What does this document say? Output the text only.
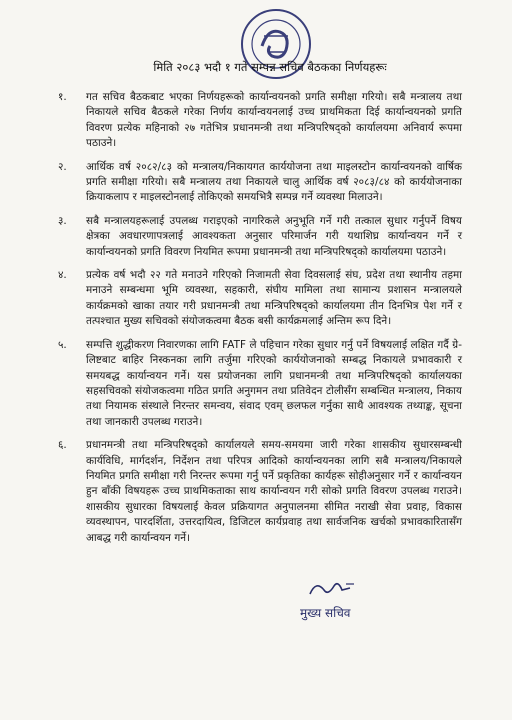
मिति २०८३ भदौ १ गते सम्पन्न सचिव बैठकका निर्णयहरूः
१.	गत सचिव बैठकबाट भएका निर्णयहरूको कार्यान्वयनको प्रगति समीक्षा गरियो। सबै मन्त्रालय तथा निकायले सचिव बैठकले गरेका निर्णय कार्यान्वयनलाई उच्च प्राथमिकता दिई कार्यान्वयनको प्रगति विवरण प्रत्येक महिनाको २७ गतेभित्र प्रधानमन्त्री तथा मन्त्रिपरिषद्को कार्यालयमा अनिवार्य रूपमा पठाउने।
२.	आर्थिक वर्ष २०८२/८३ को मन्त्रालय/निकायगत कार्ययोजना तथा माइलस्टोन कार्यान्वयनको वार्षिक प्रगति समीक्षा गरियो। सबै मन्त्रालय तथा निकायले चालु आर्थिक वर्ष २०८३/८४ को कार्ययोजनाका क्रियाकलाप र माइलस्टोनलाई तोकिएको समयभित्रै सम्पन्न गर्ने व्यवस्था मिलाउने।
३.	सबै मन्त्रालयहरूलाई उपलब्ध गराइएको नागरिकले अनुभूति गर्ने गरी तत्काल सुधार गर्नुपर्ने विषय क्षेत्रका अवधारणापत्रलाई आवश्यकता अनुसार परिमार्जन गरी यथाशिघ्र कार्यान्वयन गर्ने र कार्यान्वयनको प्रगति विवरण नियमित रूपमा प्रधानमन्त्री तथा मन्त्रिपरिषद्को कार्यालयमा पठाउने।
४.	प्रत्येक वर्ष भदौ २२ गते मनाउने गरिएको निजामती सेवा दिवसलाई संघ, प्रदेश तथा स्थानीय तहमा मनाउने सम्बन्धमा भूमि व्यवस्था, सहकारी, संघीय मामिला तथा सामान्य प्रशासन मन्त्रालयले कार्यक्रमको खाका तयार गरी प्रधानमन्त्री तथा मन्त्रिपरिषद्को कार्यालयमा तीन दिनभित्र पेश गर्ने र तत्पश्चात मुख्य सचिवको संयोजकत्वमा बैठक बसी कार्यक्रमलाई अन्तिम रूप दिने।
५.	सम्पत्ति शुद्धीकरण निवारणका लागि FATF ले पहिचान गरेका सुधार गर्नु पर्ने विषयलाई लक्षित गर्दै ग्रे-लिष्टबाट बाहिर निस्कनका लागि तर्जुमा गरिएको कार्ययोजनाको सम्बद्ध निकायले प्रभावकारी र समयबद्ध कार्यान्वयन गर्ने। यस प्रयोजनका लागि प्रधानमन्त्री तथा मन्त्रिपरिषद्को कार्यालयका सहसचिवको संयोजकत्वमा गठित प्रगति अनुगमन तथा प्रतिवेदन टोलीसँग सम्बन्धित मन्त्रालय, निकाय तथा नियामक संस्थाले निरन्तर समन्वय, संवाद एवम् छलफल गर्नुका साथै आवश्यक तथ्याङ्क, सूचना तथा जानकारी उपलब्ध गराउने।
६.	प्रधानमन्त्री तथा मन्त्रिपरिषद्को कार्यालयले समय-समयमा जारी गरेका शासकीय सुधारसम्बन्धी कार्यविधि, मार्गदर्शन, निर्देशन तथा परिपत्र आदिको कार्यान्वयनका लागि सबै मन्त्रालय/निकायले नियमित प्रगति समीक्षा गरी निरन्तर रूपमा गर्नु पर्ने प्रकृतिका कार्यहरू सोहीअनुसार गर्ने र कार्यान्वयन हुन बाँकी विषयहरू उच्च प्राथमिकताका साथ कार्यान्वयन गरी सोको प्रगति विवरण उपलब्ध गराउने। शासकीय सुधारका विषयलाई केवल प्रक्रियागत अनुपालनमा सीमित नराखी सेवा प्रवाह, विकास व्यवस्थापन, पारदर्शिता, उत्तरदायित्व, डिजिटल कार्यप्रवाह तथा सार्वजनिक खर्चको प्रभावकारितासँग आबद्ध गरी कार्यान्वयन गर्ने।
मुख्य सचिव
